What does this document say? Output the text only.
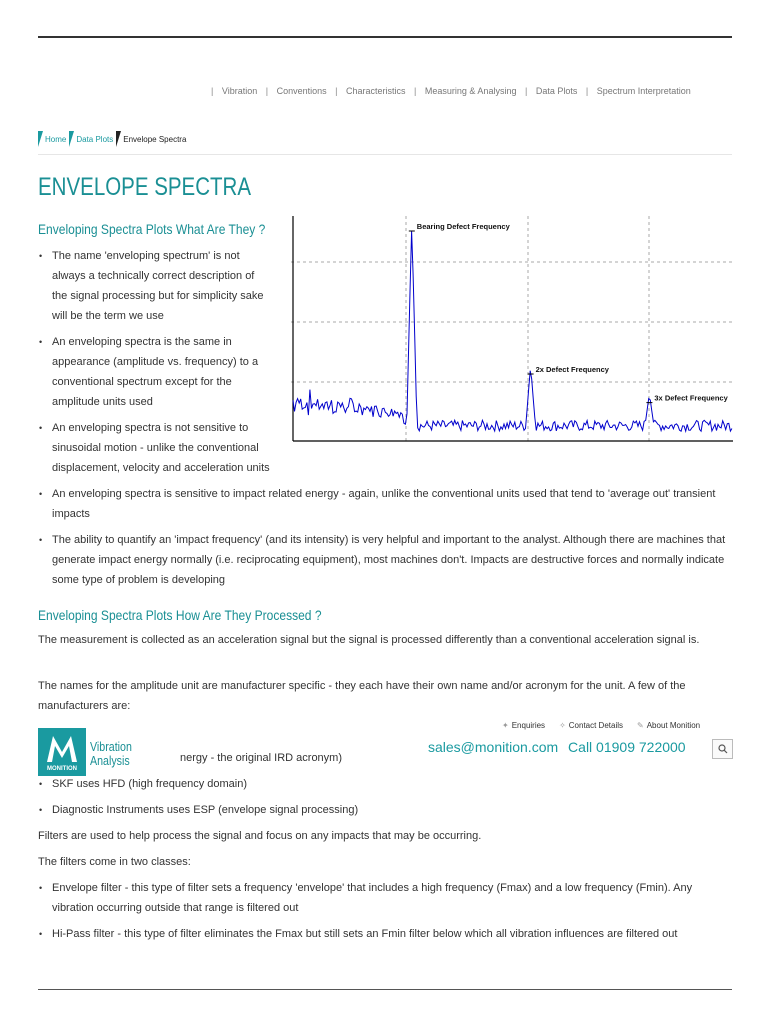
| Vibration | Conventions | Characteristics | Measuring & Analysing | Data Plots | Spectrum Interpretation
Home Data Plots Envelope Spectra
ENVELOPE SPECTRA
Enveloping Spectra Plots What Are They ?
• The name 'enveloping spectrum' is not always a technically correct description of the signal processing but for simplicity sake will be the term we use
• An enveloping spectra is the same in appearance (amplitude vs. frequency) to a conventional spectrum except for the amplitude units used
• An enveloping spectra is not sensitive to sinusoidal motion - unlike the conventional displacement, velocity and acceleration units
• An enveloping spectra is sensitive to impact related energy - again, unlike the conventional units used that tend to 'average out' transient impacts
• The ability to quantify an 'impact frequency' (and its intensity) is very helpful and important to the analyst. Although there are machines that generate impact energy normally (i.e. reciprocating equipment), most machines don't. Impacts are destructive forces and normally indicate some type of problem is developing
Bearing Defect Frequency
2x Defect Frequency
3x Defect Frequency
Enveloping Spectra Plots How Are They Processed ?

The measurement is collected as an acceleration signal but the signal is processed differently than a conventional acceleration signal is.

The names for the amplitude unit are manufacturer specific - they each have their own name and/or acronym for the unit. A few of the manufacturers are:

✦ Enquiries ✧ Contact Details ✎ About Monition

nergy - the original IRD acronym)

MONITION
Vibration
Analysis
sales@monition.com Call 01909 722000
• SKF uses HFD (high frequency domain)
• Diagnostic Instruments uses ESP (envelope signal processing)

Filters are used to help process the signal and focus on any impacts that may be occurring.

The filters come in two classes:

• Envelope filter - this type of filter sets a frequency 'envelope' that includes a high frequency (Fmax) and a low frequency (Fmin). Any vibration occurring outside that range is filtered out
• Hi-Pass filter - this type of filter eliminates the Fmax but still sets an Fmin filter below which all vibration influences are filtered out
